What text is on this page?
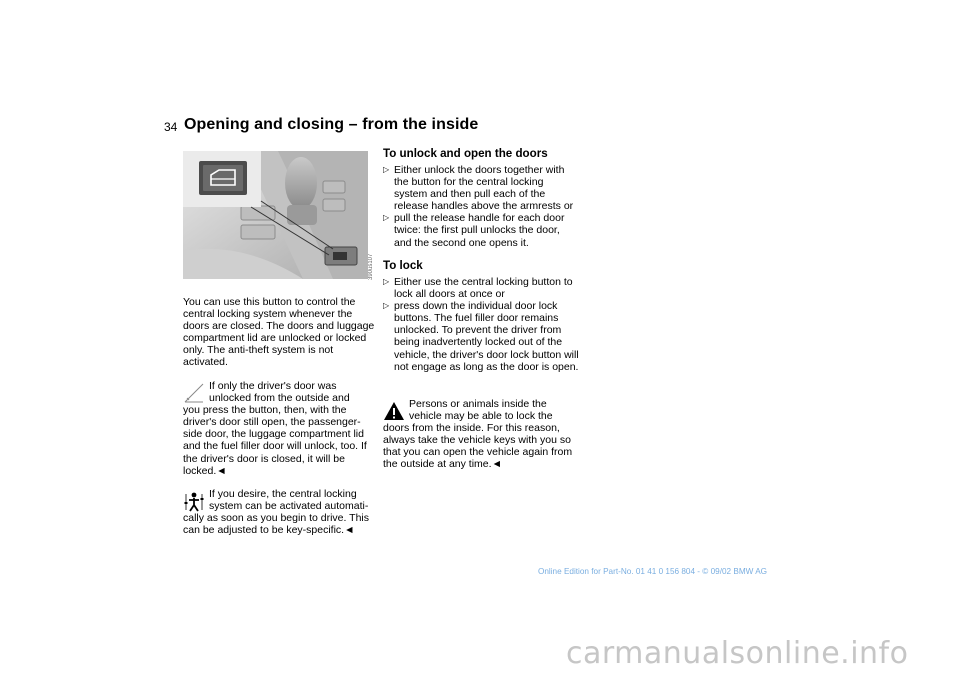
34 Opening and closing – from the inside
390us107
You can use this button to control the central locking system whenever the doors are closed. The doors and luggage compartment lid are unlocked or locked only. The anti-theft system is not activated.
If only the driver's door was unlocked from the outside and
you press the button, then, with the driver's door still open, the passenger-side door, the luggage compartment lid and the fuel filler door will unlock, too. If the driver's door is closed, it will be locked.◄
If you desire, the central locking system can be activated automati-
cally as soon as you begin to drive. This can be adjusted to be key-specific.◄
To unlock and open the doors
▷ Either unlock the doors together with the button for the central locking system and then pull each of the release handles above the armrests or
▷ pull the release handle for each door twice: the first pull unlocks the door, and the second one opens it.
To lock
▷ Either use the central locking button to lock all doors at once or
▷ press down the individual door lock buttons. The fuel filler door remains unlocked. To prevent the driver from being inadvertently locked out of the vehicle, the driver's door lock button will not engage as long as the door is open.
Persons or animals inside the vehicle may be able to lock the
doors from the inside. For this reason, always take the vehicle keys with you so that you can open the vehicle again from the outside at any time.◄
Online Edition for Part-No. 01 41 0 156 804 - © 09/02 BMW AG
carmanualsonline.info
